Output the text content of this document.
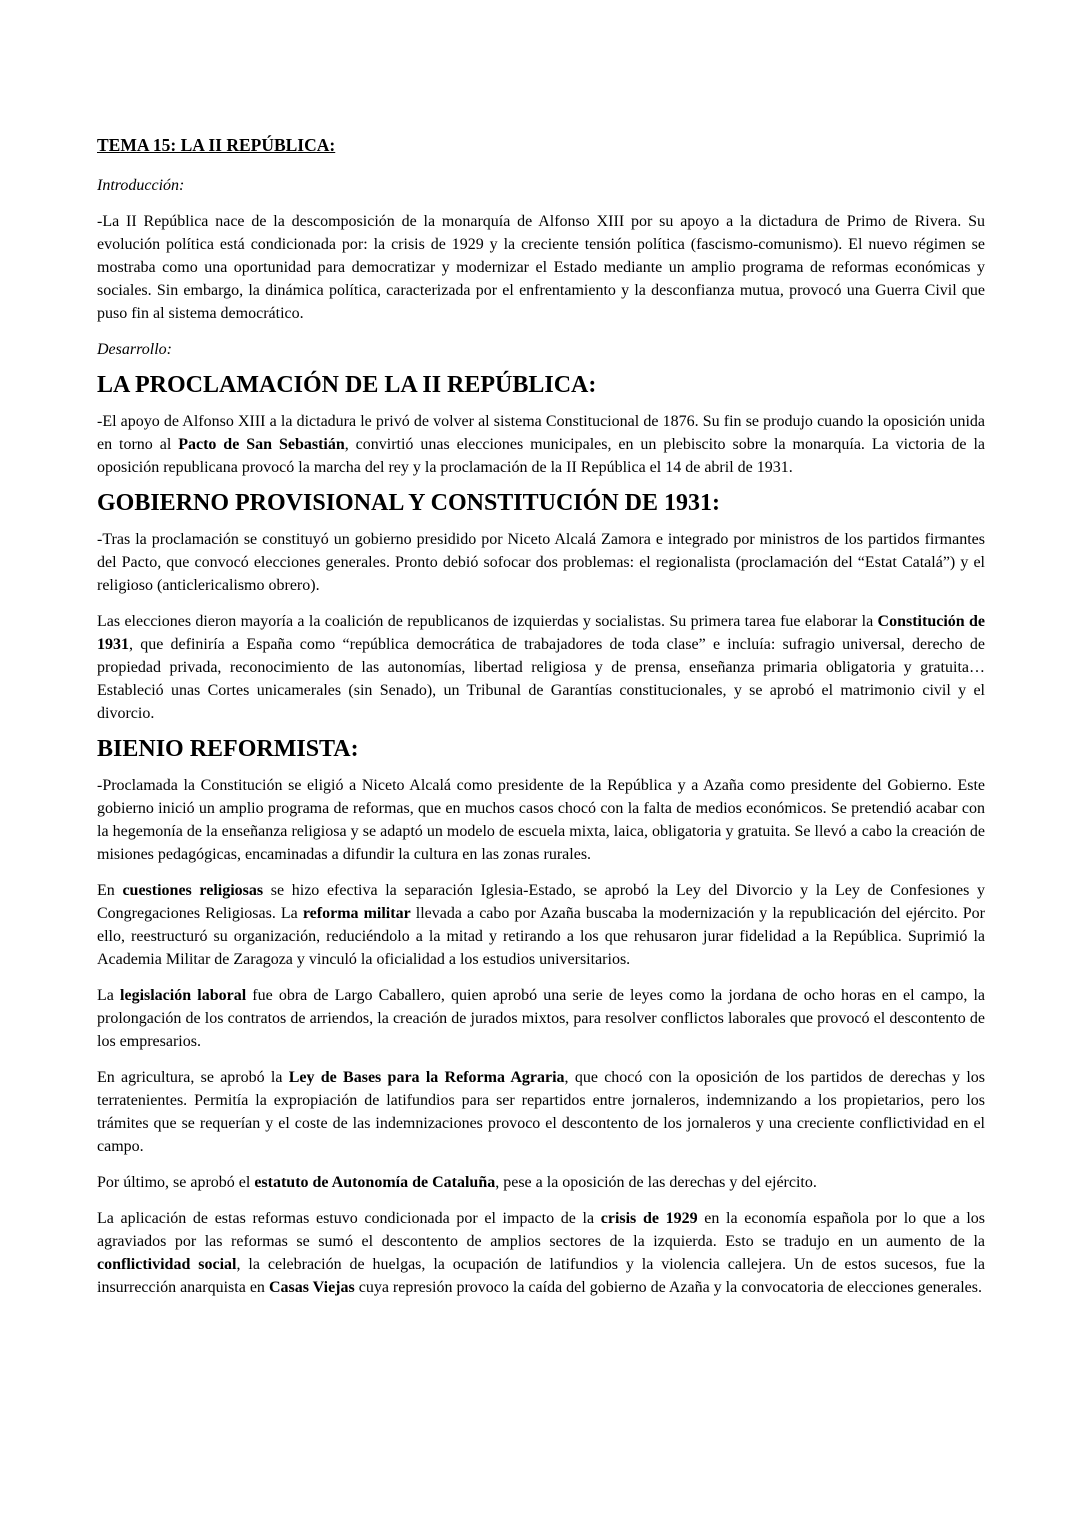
TEMA 15: LA II REPÚBLICA:

Introducción:

-La II República nace de la descomposición de la monarquía de Alfonso XIII por su apoyo a la dictadura de Primo de Rivera. Su evolución política está condicionada por: la crisis de 1929 y la creciente tensión política (fascismo-comunismo). El nuevo régimen se mostraba como una oportunidad para democratizar y modernizar el Estado mediante un amplio programa de reformas económicas y sociales. Sin embargo, la dinámica política, caracterizada por el enfrentamiento y la desconfianza mutua, provocó una Guerra Civil que puso fin al sistema democrático.

Desarrollo:

LA PROCLAMACIÓN DE LA II REPÚBLICA:

-El apoyo de Alfonso XIII a la dictadura le privó de volver al sistema Constitucional de 1876. Su fin se produjo cuando la oposición unida en torno al Pacto de San Sebastián, convirtió unas elecciones municipales, en un plebiscito sobre la monarquía. La victoria de la oposición republicana provocó la marcha del rey y la proclamación de la II República el 14 de abril de 1931.

GOBIERNO PROVISIONAL Y CONSTITUCIÓN DE 1931:

-Tras la proclamación se constituyó un gobierno presidido por Niceto Alcalá Zamora e integrado por ministros de los partidos firmantes del Pacto, que convocó elecciones generales. Pronto debió sofocar dos problemas: el regionalista (proclamación del “Estat Catalá”) y el religioso (anticlericalismo obrero).

Las elecciones dieron mayoría a la coalición de republicanos de izquierdas y socialistas. Su primera tarea fue elaborar la Constitución de 1931, que definiría a España como “república democrática de trabajadores de toda clase” e incluía: sufragio universal, derecho de propiedad privada, reconocimiento de las autonomías, libertad religiosa y de prensa, enseñanza primaria obligatoria y gratuita… Estableció unas Cortes unicamerales (sin Senado), un Tribunal de Garantías constitucionales, y se aprobó el matrimonio civil y el divorcio.

BIENIO REFORMISTA:

-Proclamada la Constitución se eligió a Niceto Alcalá como presidente de la República y a Azaña como presidente del Gobierno. Este gobierno inició un amplio programa de reformas, que en muchos casos chocó con la falta de medios económicos. Se pretendió acabar con la hegemonía de la enseñanza religiosa y se adaptó un modelo de escuela mixta, laica, obligatoria y gratuita. Se llevó a cabo la creación de misiones pedagógicas, encaminadas a difundir la cultura en las zonas rurales.

En cuestiones religiosas se hizo efectiva la separación Iglesia-Estado, se aprobó la Ley del Divorcio y la Ley de Confesiones y Congregaciones Religiosas. La reforma militar llevada a cabo por Azaña buscaba la modernización y la republicación del ejército. Por ello, reestructuró su organización, reduciéndolo a la mitad y retirando a los que rehusaron jurar fidelidad a la República. Suprimió la Academia Militar de Zaragoza y vinculó la oficialidad a los estudios universitarios.

La legislación laboral fue obra de Largo Caballero, quien aprobó una serie de leyes como la jordana de ocho horas en el campo, la prolongación de los contratos de arriendos, la creación de jurados mixtos, para resolver conflictos laborales que provocó el descontento de los empresarios.

En agricultura, se aprobó la Ley de Bases para la Reforma Agraria, que chocó con la oposición de los partidos de derechas y los terratenientes. Permitía la expropiación de latifundios para ser repartidos entre jornaleros, indemnizando a los propietarios, pero los trámites que se requerían y el coste de las indemnizaciones provoco el descontento de los jornaleros y una creciente conflictividad en el campo.

Por último, se aprobó el estatuto de Autonomía de Cataluña, pese a la oposición de las derechas y del ejército.

La aplicación de estas reformas estuvo condicionada por el impacto de la crisis de 1929 en la economía española por lo que a los agraviados por las reformas se sumó el descontento de amplios sectores de la izquierda. Esto se tradujo en un aumento de la conflictividad social, la celebración de huelgas, la ocupación de latifundios y la violencia callejera. Un de estos sucesos, fue la insurrección anarquista en Casas Viejas cuya represión provoco la caída del gobierno de Azaña y la convocatoria de elecciones generales.
